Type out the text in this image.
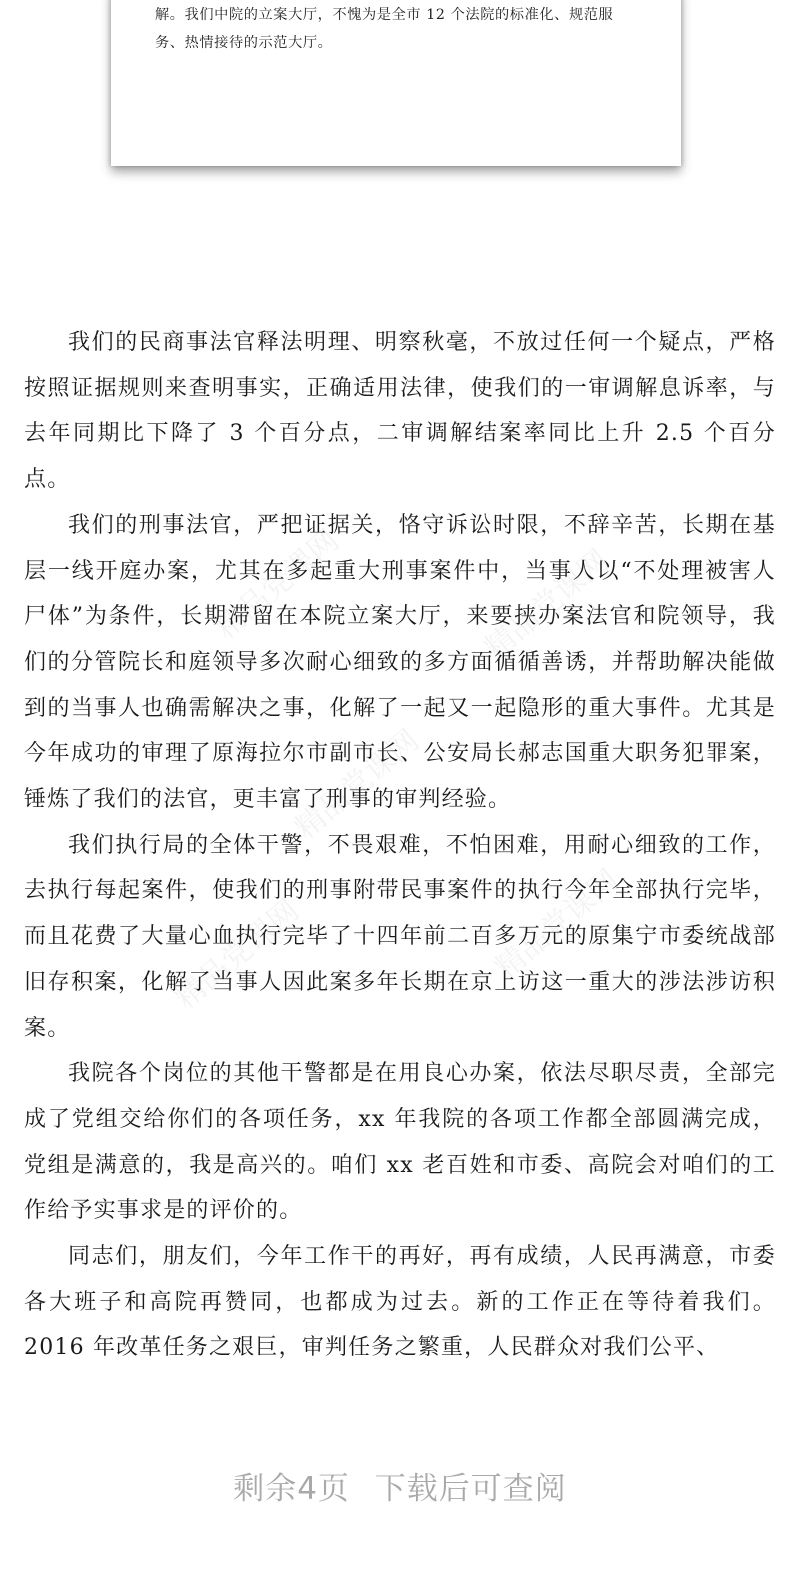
解。我们中院的立案大厅，不愧为是全市 12 个法院的标准化、规范服务、热情接待的示范大厅。

精品党课网	精品党课网
精品党课网
精品党课网	精品党课网

我们的民商事法官释法明理、明察秋毫，不放过任何一个疑点，严格按照证据规则来查明事实，正确适用法律，使我们的一审调解息诉率，与去年同期比下降了 3 个百分点，二审调解结案率同比上升 2.5 个百分点。

我们的刑事法官，严把证据关，恪守诉讼时限，不辞辛苦，长期在基层一线开庭办案，尤其在多起重大刑事案件中，当事人以“不处理被害人尸体”为条件，长期滞留在本院立案大厅，来要挟办案法官和院领导，我们的分管院长和庭领导多次耐心细致的多方面循循善诱，并帮助解决能做到的当事人也确需解决之事，化解了一起又一起隐形的重大事件。尤其是今年成功的审理了原海拉尔市副市长、公安局长郝志国重大职务犯罪案，锤炼了我们的法官，更丰富了刑事的审判经验。

我们执行局的全体干警，不畏艰难，不怕困难，用耐心细致的工作，去执行每起案件，使我们的刑事附带民事案件的执行今年全部执行完毕，而且花费了大量心血执行完毕了十四年前二百多万元的原集宁市委统战部旧存积案，化解了当事人因此案多年长期在京上访这一重大的涉法涉访积案。

我院各个岗位的其他干警都是在用良心办案，依法尽职尽责，全部完成了党组交给你们的各项任务，xx 年我院的各项工作都全部圆满完成，党组是满意的，我是高兴的。咱们 xx 老百姓和市委、高院会对咱们的工作给予实事求是的评价的。

同志们，朋友们，今年工作干的再好，再有成绩，人民再满意，市委各大班子和高院再赞同，也都成为过去。新的工作正在等待着我们。2016 年改革任务之艰巨，审判任务之繁重，人民群众对我们公平、

剩余4页 下载后可查阅
